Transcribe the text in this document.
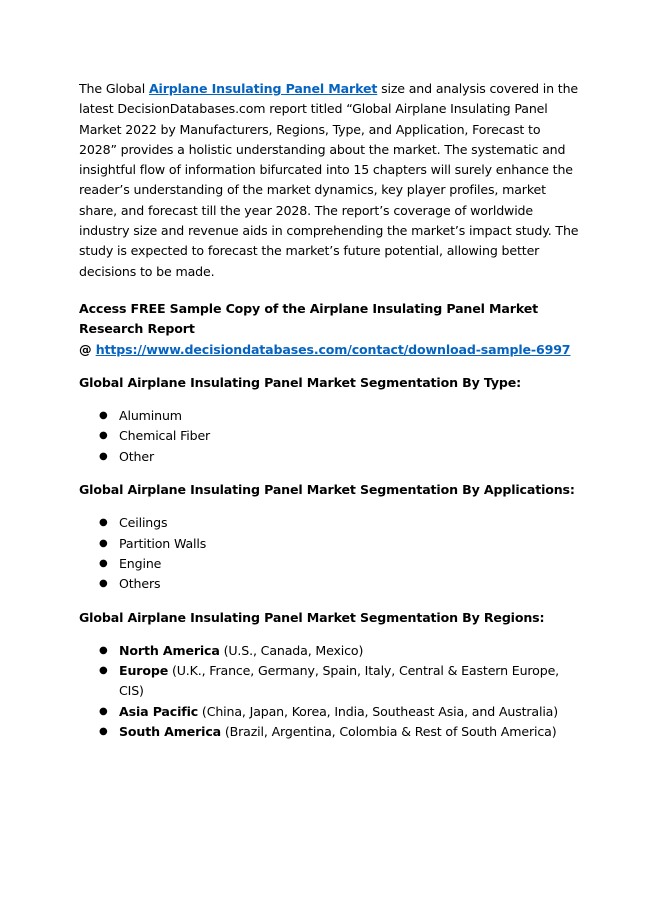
The Global Airplane Insulating Panel Market size and analysis covered in the latest DecisionDatabases.com report titled “Global Airplane Insulating Panel Market 2022 by Manufacturers, Regions, Type, and Application, Forecast to 2028” provides a holistic understanding about the market. The systematic and insightful flow of information bifurcated into 15 chapters will surely enhance the reader’s understanding of the market dynamics, key player profiles, market share, and forecast till the year 2028. The report’s coverage of worldwide industry size and revenue aids in comprehending the market’s impact study. The study is expected to forecast the market’s future potential, allowing better decisions to be made.

Access FREE Sample Copy of the Airplane Insulating Panel Market Research Report
@ https://www.decisiondatabases.com/contact/download-sample-6997

Global Airplane Insulating Panel Market Segmentation By Type:

● Aluminum
● Chemical Fiber
● Other

Global Airplane Insulating Panel Market Segmentation By Applications:

● Ceilings
● Partition Walls
● Engine
● Others

Global Airplane Insulating Panel Market Segmentation By Regions:

● North America (U.S., Canada, Mexico)
● Europe (U.K., France, Germany, Spain, Italy, Central & Eastern Europe, CIS)
● Asia Pacific (China, Japan, Korea, India, Southeast Asia, and Australia)
● South America (Brazil, Argentina, Colombia & Rest of South America)
